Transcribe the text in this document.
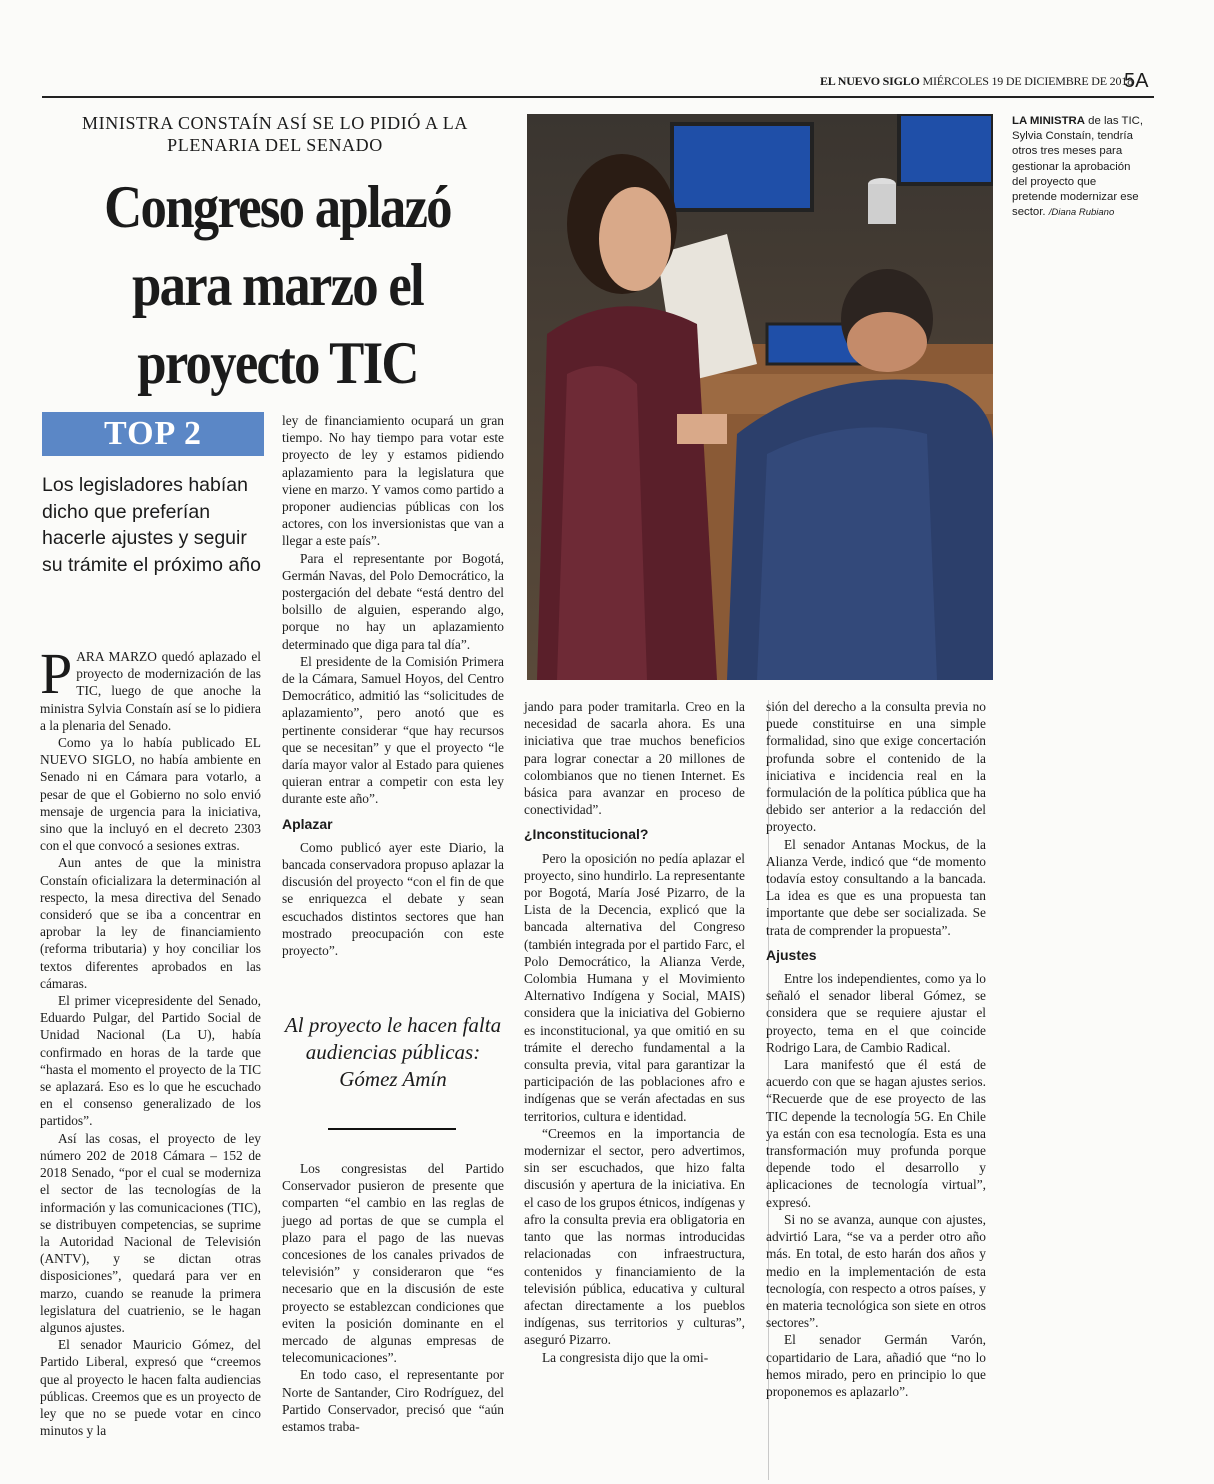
EL NUEVO SIGLO MIÉRCOLES 19 DE DICIEMBRE DE 2018
5A
MINISTRA CONSTAÍN ASÍ SE LO PIDIÓ A LA PLENARIA DEL SENADO
Congreso aplazó para marzo el proyecto TIC
TOP 2
Los legisladores habían dicho que preferían hacerle ajustes y seguir su trámite el próximo año

PARA MARZO quedó aplazado el proyecto de modernización de las TIC, luego de que anoche la ministra Sylvia Constaín así se lo pidiera a la plenaria del Senado.

Como ya lo había publicado EL NUEVO SIGLO, no había ambiente en Senado ni en Cámara para votarlo, a pesar de que el Gobierno no solo envió mensaje de urgencia para la iniciativa, sino que la incluyó en el decreto 2303 con el que convocó a sesiones extras.

Aun antes de que la ministra Constaín oficializara la determinación al respecto, la mesa directiva del Senado consideró que se iba a concentrar en aprobar la ley de financiamiento (reforma tributaria) y hoy conciliar los textos diferentes aprobados en las cámaras.

El primer vicepresidente del Senado, Eduardo Pulgar, del Partido Social de Unidad Nacional (La U), había confirmado en horas de la tarde que “hasta el momento el proyecto de la TIC se aplazará. Eso es lo que he escuchado en el consenso generalizado de los partidos”.

Así las cosas, el proyecto de ley número 202 de 2018 Cámara – 152 de 2018 Senado, “por el cual se moderniza el sector de las tecnologías de la información y las comunicaciones (TIC), se distribuyen competencias, se suprime la Autoridad Nacional de Televisión (ANTV), y se dictan otras disposiciones”, quedará para ver en marzo, cuando se reanude la primera legislatura del cuatrienio, se le hagan algunos ajustes.

El senador Mauricio Gómez, del Partido Liberal, expresó que “creemos que al proyecto le hacen falta audiencias públicas. Creemos que es un proyecto de ley que no se puede votar en cinco minutos y la

ley de financiamiento ocupará un gran tiempo. No hay tiempo para votar este proyecto de ley y estamos pidiendo aplazamiento para la legislatura que viene en marzo. Y vamos como partido a proponer audiencias públicas con los actores, con los inversionistas que van a llegar a este país”.

Para el representante por Bogotá, Germán Navas, del Polo Democrático, la postergación del debate “está dentro del bolsillo de alguien, esperando algo, porque no hay un aplazamiento determinado que diga para tal día”.

El presidente de la Comisión Primera de la Cámara, Samuel Hoyos, del Centro Democrático, admitió las “solicitudes de aplazamiento”, pero anotó que es pertinente considerar “que hay recursos que se necesitan” y que el proyecto “le daría mayor valor al Estado para quienes quieran entrar a competir con esta ley durante este año”.

Aplazar

Como publicó ayer este Diario, la bancada conservadora propuso aplazar la discusión del proyecto “con el fin de que se enriquezca el debate y sean escuchados distintos sectores que han mostrado preocupación con este proyecto”.

Al proyecto le hacen falta audiencias públicas: Gómez Amín

Los congresistas del Partido Conservador pusieron de presente que comparten “el cambio en las reglas de juego ad portas de que se cumpla el plazo para el pago de las nuevas concesiones de los canales privados de televisión” y consideraron que “es necesario que en la discusión de este proyecto se establezcan condiciones que eviten la posición dominante en el mercado de algunas empresas de telecomunicaciones”.

En todo caso, el representante por Norte de Santander, Ciro Rodríguez, del Partido Conservador, precisó que “aún estamos traba-

jando para poder tramitarla. Creo en la necesidad de sacarla ahora. Es una iniciativa que trae muchos beneficios para lograr conectar a 20 millones de colombianos que no tienen Internet. Es básica para avanzar en proceso de conectividad”.

¿Inconstitucional?

Pero la oposición no pedía aplazar el proyecto, sino hundirlo. La representante por Bogotá, María José Pizarro, de la Lista de la Decencia, explicó que la bancada alternativa del Congreso (también integrada por el partido Farc, el Polo Democrático, la Alianza Verde, Colombia Humana y el Movimiento Alternativo Indígena y Social, MAIS) considera que la iniciativa del Gobierno es inconstitucional, ya que omitió en su trámite el derecho fundamental a la consulta previa, vital para garantizar la participación de las poblaciones afro e indígenas que se verán afectadas en sus territorios, cultura e identidad.

“Creemos en la importancia de modernizar el sector, pero advertimos, sin ser escuchados, que hizo falta discusión y apertura de la iniciativa. En el caso de los grupos étnicos, indígenas y afro la consulta previa era obligatoria en tanto que las normas introducidas relacionadas con infraestructura, contenidos y financiamiento de la televisión pública, educativa y cultural afectan directamente a los pueblos indígenas, sus territorios y culturas”, aseguró Pizarro.

La congresista dijo que la omi-

sión del derecho a la consulta previa no puede constituirse en una simple formalidad, sino que exige concertación profunda sobre el contenido de la iniciativa e incidencia real en la formulación de la política pública que ha debido ser anterior a la redacción del proyecto.

El senador Antanas Mockus, de la Alianza Verde, indicó que “de momento todavía estoy consultando a la bancada. La idea es que es una propuesta tan importante que debe ser socializada. Se trata de comprender la propuesta”.

Ajustes

Entre los independientes, como ya lo señaló el senador liberal Gómez, se considera que se requiere ajustar el proyecto, tema en el que coincide Rodrigo Lara, de Cambio Radical.

Lara manifestó que él está de acuerdo con que se hagan ajustes serios. “Recuerde que de ese proyecto de las TIC depende la tecnología 5G. En Chile ya están con esa tecnología. Esta es una transformación muy profunda porque depende todo el desarrollo y aplicaciones de tecnología virtual”, expresó.

Si no se avanza, aunque con ajustes, advirtió Lara, “se va a perder otro año más. En total, de esto harán dos años y medio en la implementación de esta tecnología, con respecto a otros países, y en materia tecnológica son siete en otros sectores”.

El senador Germán Varón, copartidario de Lara, añadió que “no lo hemos mirado, pero en principio lo que proponemos es aplazarlo”.

LA MINISTRA de las TIC, Sylvia Constaín, tendría otros tres meses para gestionar la aprobación del proyecto que pretende modernizar ese sector. /Diana Rubiano
